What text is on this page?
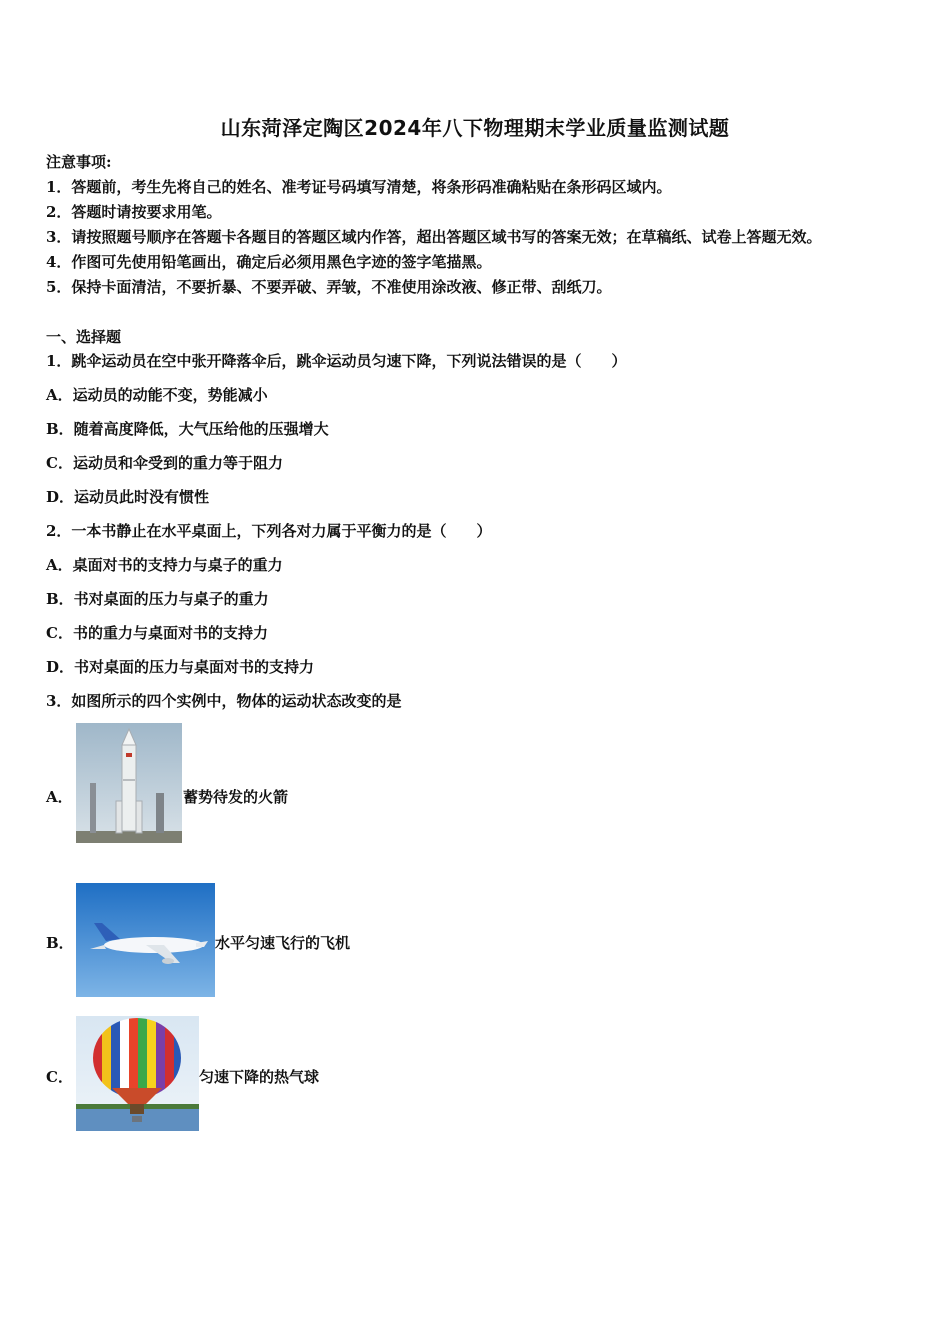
山东菏泽定陶区2024年八下物理期末学业质量监测试题
注意事项:
1．答题前，考生先将自己的姓名、准考证号码填写清楚，将条形码准确粘贴在条形码区域内。
2．答题时请按要求用笔。
3．请按照题号顺序在答题卡各题目的答题区域内作答，超出答题区域书写的答案无效；在草稿纸、试卷上答题无效。
4．作图可先使用铅笔画出，确定后必须用黑色字迹的签字笔描黑。
5．保持卡面清洁，不要折暴、不要弄破、弄皱，不准使用涂改液、修正带、刮纸刀。
一、选择题
1．跳伞运动员在空中张开降落伞后，跳伞运动员匀速下降，下列说法错误的是（　　）
A．运动员的动能不变，势能减小
B．随着高度降低，大气压给他的压强增大
C．运动员和伞受到的重力等于阻力
D．运动员此时没有惯性
2．一本书静止在水平桌面上，下列各对力属于平衡力的是（　　）
A．桌面对书的支持力与桌子的重力
B．书对桌面的压力与桌子的重力
C．书的重力与桌面对书的支持力
D．书对桌面的压力与桌面对书的支持力
3．如图所示的四个实例中，物体的运动状态改变的是
A．	蓄势待发的火箭
B．	水平匀速飞行的飞机
C．	匀速下降的热气球
